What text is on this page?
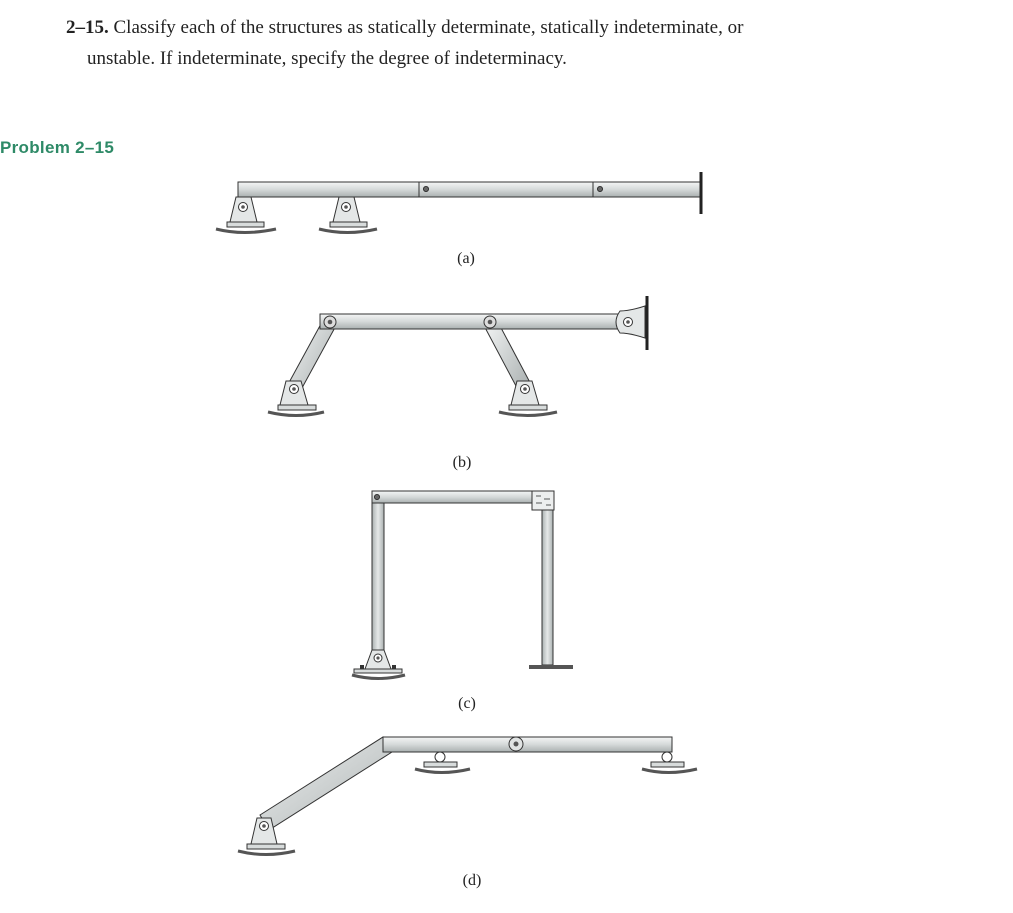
2–15. Classify each of the structures as statically determinate, statically indeterminate, or
unstable. If indeterminate, specify the degree of indeterminacy.
Problem 2–15
(a)
(b)
(c)
(d)
